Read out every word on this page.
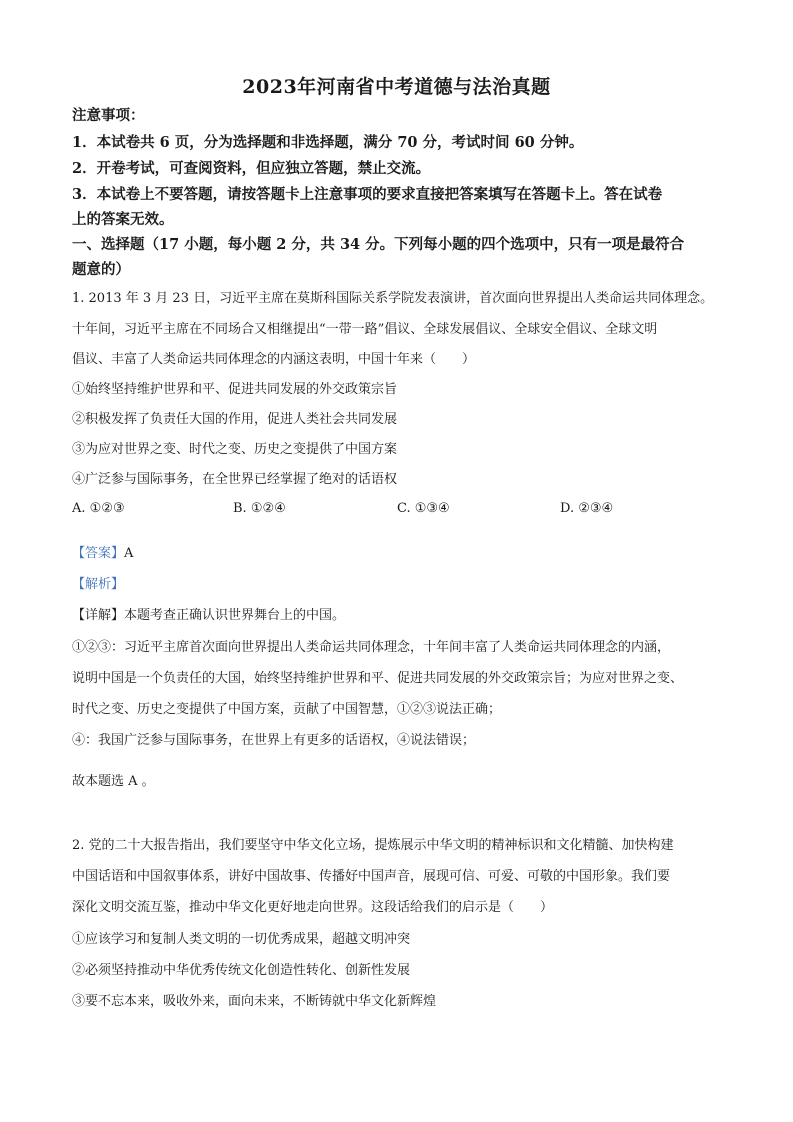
2023年河南省中考道德与法治真题
注意事项：
1．本试卷共 6 页，分为选择题和非选择题，满分 70 分，考试时间 60 分钟。
2．开卷考试，可查阅资料，但应独立答题，禁止交流。
3．本试卷上不要答题，请按答题卡上注意事项的要求直接把答案填写在答题卡上。答在试卷
上的答案无效。
一、选择题（17 小题，每小题 2 分，共 34 分。下列每小题的四个选项中，只有一项是最符合
题意的）
1. 2013 年 3 月 23 日，习近平主席在莫斯科国际关系学院发表演讲，首次面向世界提出人类命运共同体理念。
十年间，习近平主席在不同场合又相继提出“一带一路”倡议、全球发展倡议、全球安全倡议、全球文明
倡议、丰富了人类命运共同体理念的内涵这表明，中国十年来（　　）
①始终坚持维护世界和平、促进共同发展的外交政策宗旨
②积极发挥了负责任大国的作用，促进人类社会共同发展
③为应对世界之变、时代之变、历史之变提供了中国方案
④广泛参与国际事务，在全世界已经掌握了绝对的话语权
A. ①②③	B. ①②④	C. ①③④	D. ②③④
【答案】A
【解析】
【详解】本题考查正确认识世界舞台上的中国。
①②③：习近平主席首次面向世界提出人类命运共同体理念，十年间丰富了人类命运共同体理念的内涵，
说明中国是一个负责任的大国，始终坚持维护世界和平、促进共同发展的外交政策宗旨；为应对世界之变、
时代之变、历史之变提供了中国方案，贡献了中国智慧，①②③说法正确；
④：我国广泛参与国际事务，在世界上有更多的话语权，④说法错误；
故本题选 A 。
2. 党的二十大报告指出，我们要坚守中华文化立场，提炼展示中华文明的精神标识和文化精髓、加快构建
中国话语和中国叙事体系，讲好中国故事、传播好中国声音，展现可信、可爱、可敬的中国形象。我们要
深化文明交流互鉴，推动中华文化更好地走向世界。这段话给我们的启示是（　　）
①应该学习和复制人类文明的一切优秀成果，超越文明冲突
②必须坚持推动中华优秀传统文化创造性转化、创新性发展
③要不忘本来，吸收外来，面向未来，不断铸就中华文化新辉煌
